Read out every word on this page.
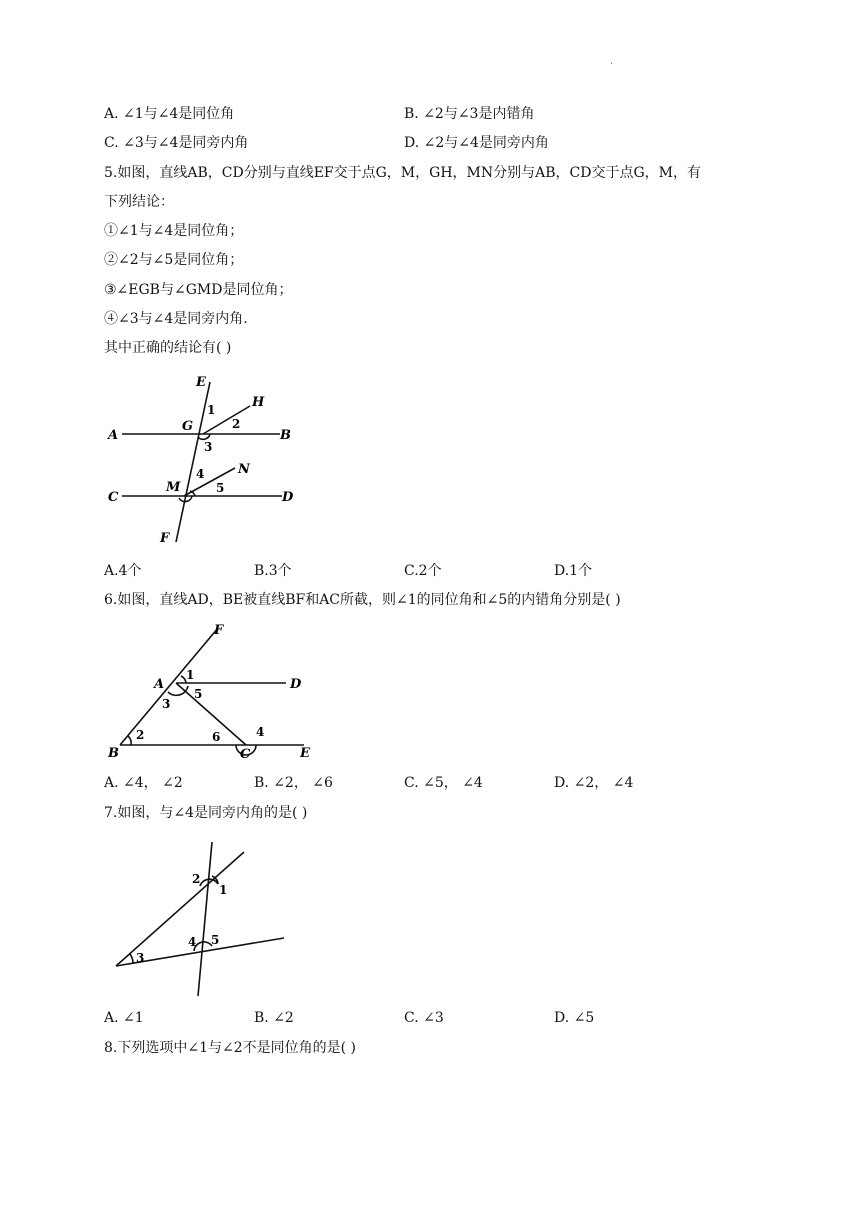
.
A. ∠1与∠4是同位角	B. ∠2与∠3是内错角
C. ∠3与∠4是同旁内角	D. ∠2与∠4是同旁内角
5.如图，直线AB，CD分别与直线EF交于点G，M，GH，MN分别与AB，CD交于点G，M，有
下列结论：
①∠1与∠4是同位角；
②∠2与∠5是同位角；
③∠EGB与∠GMD是同位角；
④∠3与∠4是同旁内角.
其中正确的结论有( )
E
H
A
G
B
N
C
M
D
F
1
2
3
4
5
A.4个	B.3个	C.2个	D.1个
6.如图，直线AD，BE被直线BF和AC所截，则∠1的同位角和∠5的内错角分别是( )
F
A	D
B	C	E
1
2
3
4
5
6
A. ∠4， ∠2	B. ∠2， ∠6	C. ∠5， ∠4	D. ∠2， ∠4
7.如图，与∠4是同旁内角的是( )
2
1
3
4 5
A. ∠1	B. ∠2	C. ∠3	D. ∠5
8.下列选项中∠1与∠2不是同位角的是( )
